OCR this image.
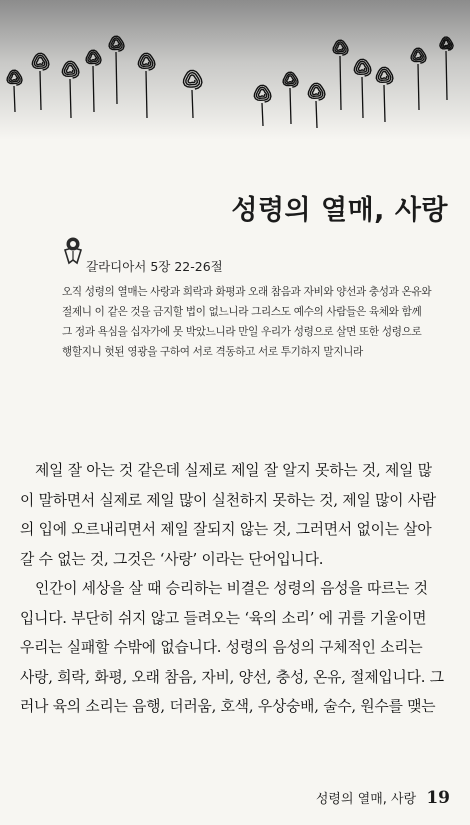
성령의 열매, 사랑
갈라디아서 5장 22-26절
오직 성령의 열매는 사랑과 희락과 화평과 오래 참음과 자비와 양선과 충성과 온유와
절제니 이 같은 것을 금지할 법이 없느니라 그리스도 예수의 사람들은 육체와 함께
그 정과 욕심을 십자가에 못 박았느니라 만일 우리가 성령으로 살면 또한 성령으로
행할지니 헛된 영광을 구하여 서로 격동하고 서로 투기하지 말지니라
제일 잘 아는 것 같은데 실제로 제일 잘 알지 못하는 것, 제일 많
이 말하면서 실제로 제일 많이 실천하지 못하는 것, 제일 많이 사람
의 입에 오르내리면서 제일 잘되지 않는 것, 그러면서 없이는 살아
갈 수 없는 것, 그것은 ‘사랑’ 이라는 단어입니다.
인간이 세상을 살 때 승리하는 비결은 성령의 음성을 따르는 것
입니다. 부단히 쉬지 않고 들려오는 ‘육의 소리’ 에 귀를 기울이면
우리는 실패할 수밖에 없습니다. 성령의 음성의 구체적인 소리는
사랑, 희락, 화평, 오래 참음, 자비, 양선, 충성, 온유, 절제입니다. 그
러나 육의 소리는 음행, 더러움, 호색, 우상숭배, 술수, 원수를 맺는
성령의 열매, 사랑 19
